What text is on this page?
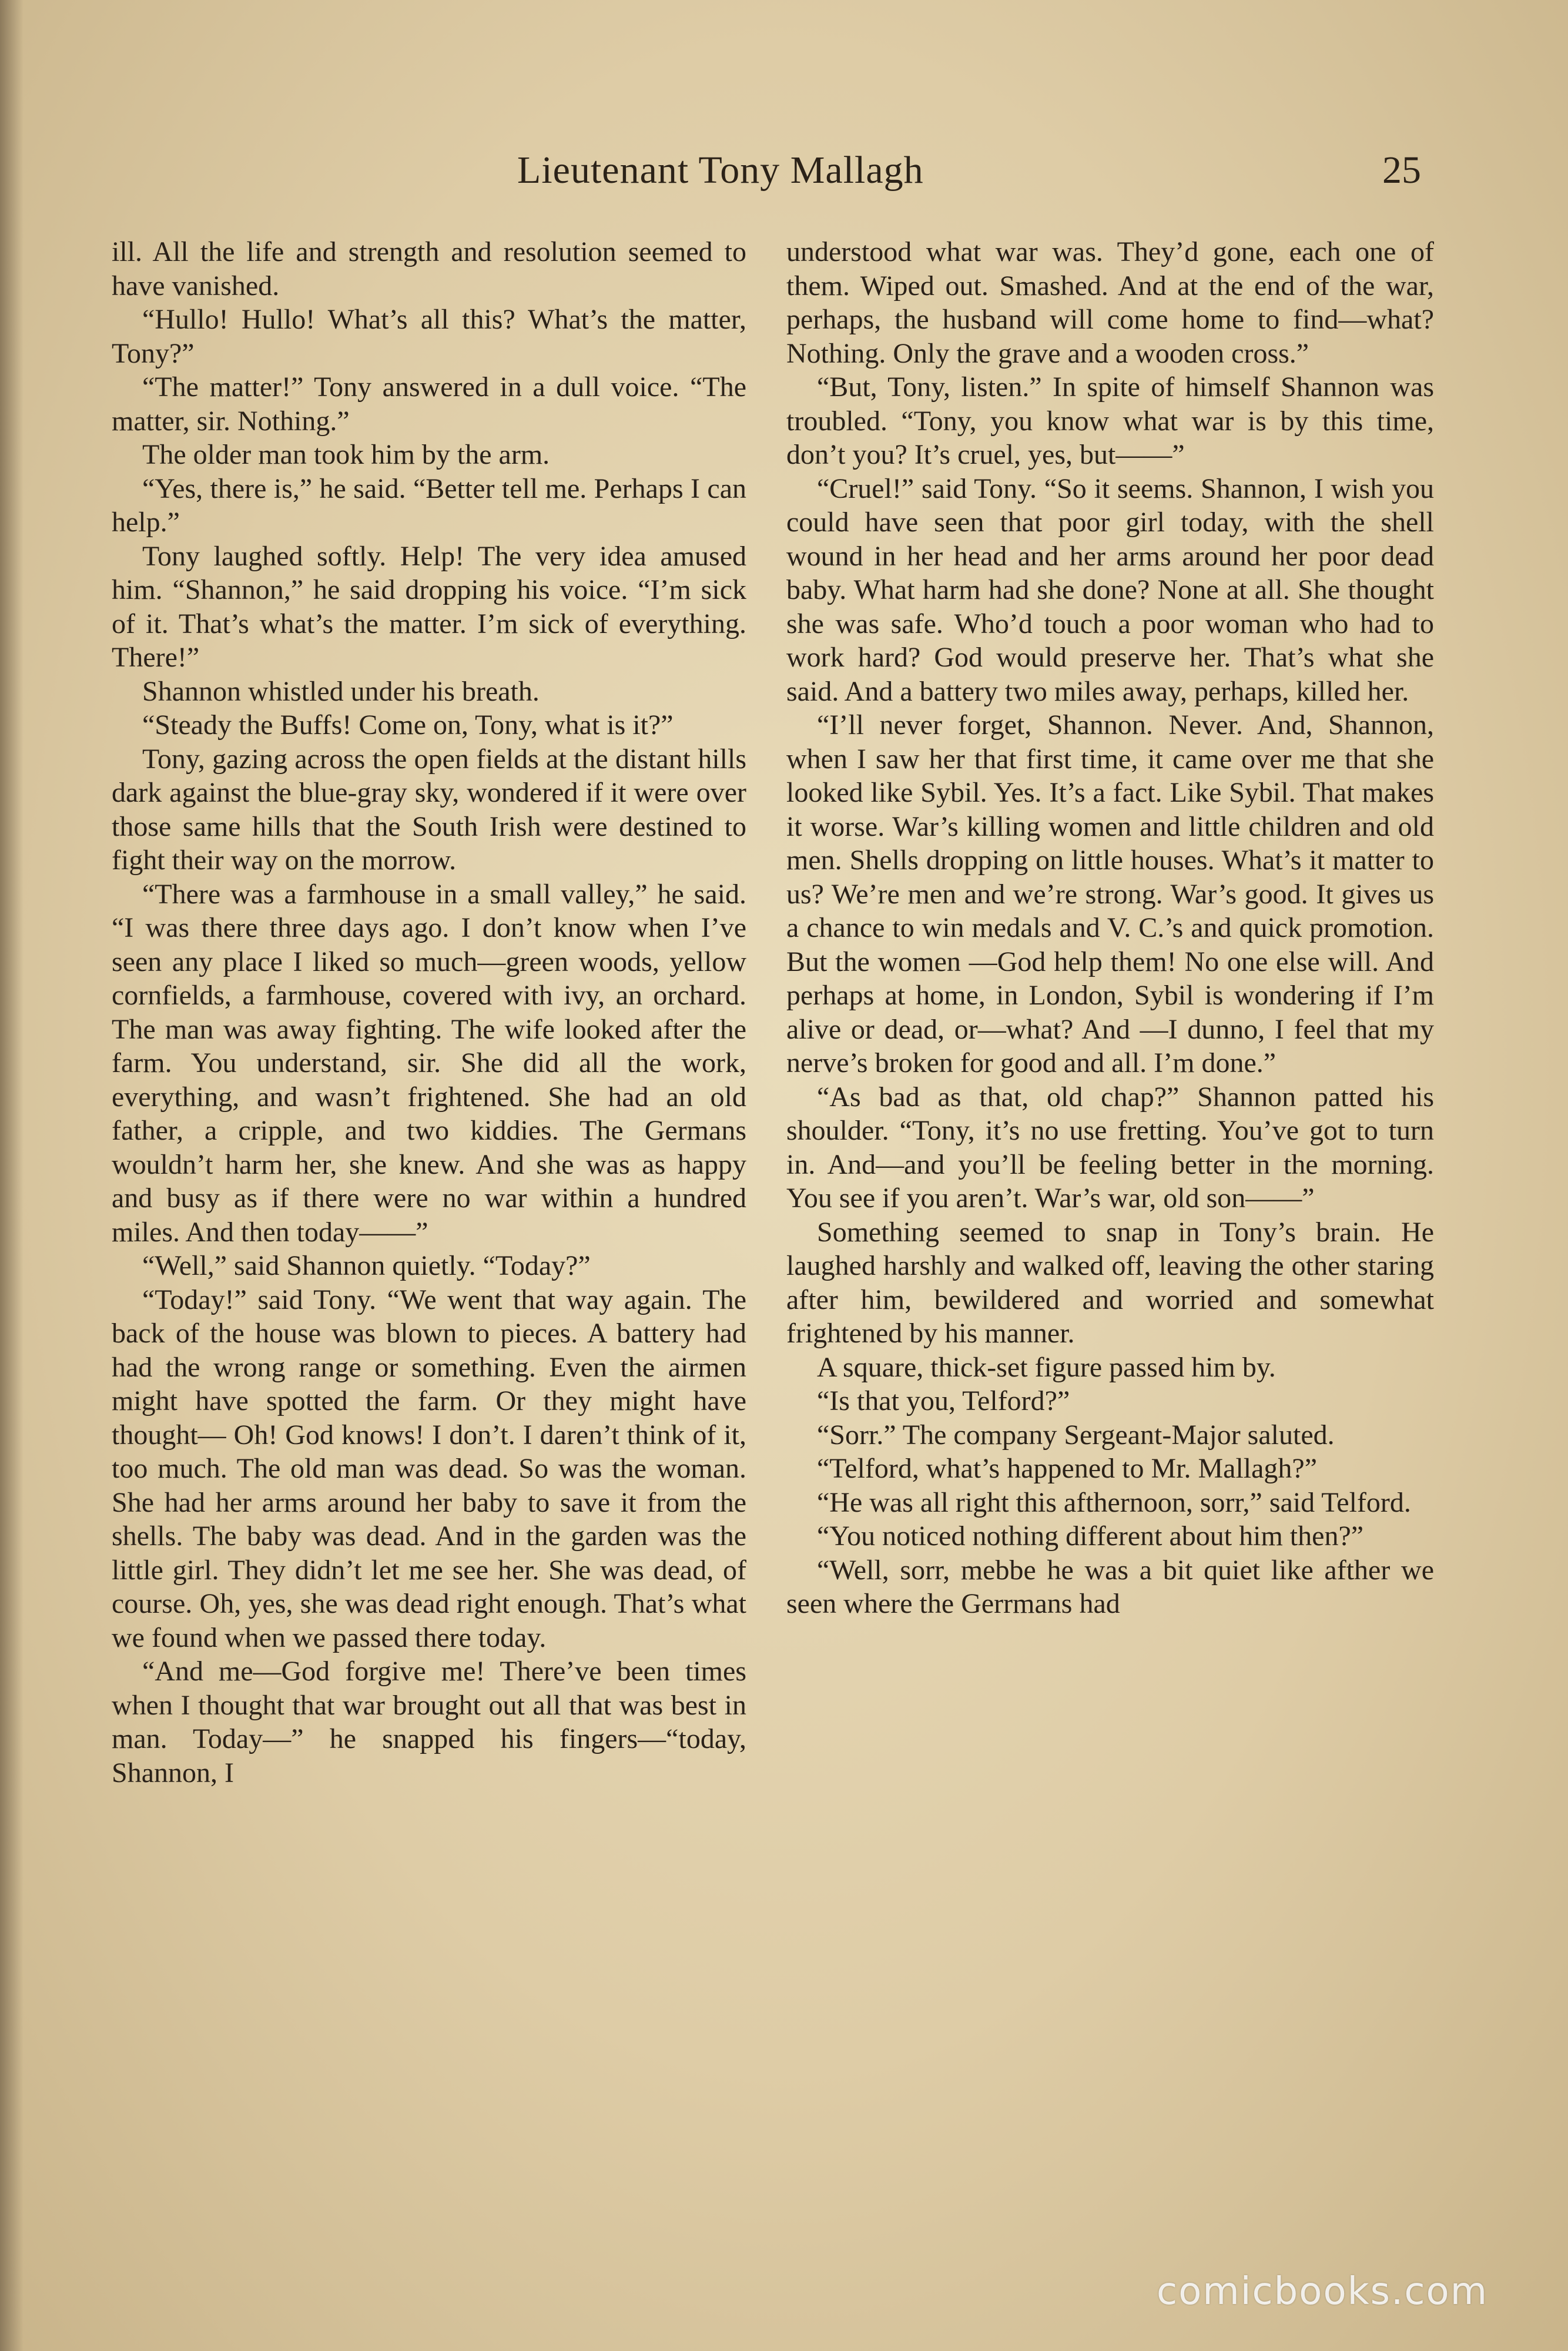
Lieutenant Tony Mallagh	25

ill. All the life and strength and resolution seemed to have vanished.

“Hullo! Hullo! What’s all this? What’s the matter, Tony?”

“The matter!” Tony answered in a dull voice. “The matter, sir. Nothing.”

The older man took him by the arm.

“Yes, there is,” he said. “Better tell me. Perhaps I can help.”

Tony laughed softly. Help! The very idea amused him. “Shannon,” he said dropping his voice. “I’m sick of it. That’s what’s the matter. I’m sick of everything. There!”

Shannon whistled under his breath.

“Steady the Buffs! Come on, Tony, what is it?”

Tony, gazing across the open fields at the distant hills dark against the blue-gray sky, wondered if it were over those same hills that the South Irish were destined to fight their way on the morrow.

“There was a farmhouse in a small valley,” he said. “I was there three days ago. I don’t know when I’ve seen any place I liked so much—green woods, yellow cornfields, a farmhouse, covered with ivy, an orchard. The man was away fighting. The wife looked after the farm. You understand, sir. She did all the work, everything, and wasn’t frightened. She had an old father, a cripple, and two kiddies. The Germans wouldn’t harm her, she knew. And she was as happy and busy as if there were no war within a hundred miles. And then today——”

“Well,” said Shannon quietly. “Today?”

“Today!” said Tony. “We went that way again. The back of the house was blown to pieces. A battery had had the wrong range or something. Even the airmen might have spotted the farm. Or they might have thought— Oh! God knows! I don’t. I daren’t think of it, too much. The old man was dead. So was the woman. She had her arms around her baby to save it from the shells. The baby was dead. And in the garden was the little girl. They didn’t let me see her. She was dead, of course. Oh, yes, she was dead right enough. That’s what we found when we passed there today.

“And me—God forgive me! There’ve been times when I thought that war brought out all that was best in man. Today—” he snapped his fingers—“today, Shannon, I

understood what war was. They’d gone, each one of them. Wiped out. Smashed. And at the end of the war, perhaps, the husband will come home to find—what? Nothing. Only the grave and a wooden cross.”

“But, Tony, listen.” In spite of himself Shannon was troubled. “Tony, you know what war is by this time, don’t you? It’s cruel, yes, but——”

“Cruel!” said Tony. “So it seems. Shannon, I wish you could have seen that poor girl today, with the shell wound in her head and her arms around her poor dead baby. What harm had she done? None at all. She thought she was safe. Who’d touch a poor woman who had to work hard? God would preserve her. That’s what she said. And a battery two miles away, perhaps, killed her.

“I’ll never forget, Shannon. Never. And, Shannon, when I saw her that first time, it came over me that she looked like Sybil. Yes. It’s a fact. Like Sybil. That makes it worse. War’s killing women and little children and old men. Shells dropping on little houses. What’s it matter to us? We’re men and we’re strong. War’s good. It gives us a chance to win medals and V. C.’s and quick promotion. But the women —God help them! No one else will. And perhaps at home, in London, Sybil is wondering if I’m alive or dead, or—what? And —I dunno, I feel that my nerve’s broken for good and all. I’m done.”

“As bad as that, old chap?” Shannon patted his shoulder. “Tony, it’s no use fretting. You’ve got to turn in. And—and you’ll be feeling better in the morning. You see if you aren’t. War’s war, old son——”

Something seemed to snap in Tony’s brain. He laughed harshly and walked off, leaving the other staring after him, bewildered and worried and somewhat frightened by his manner.

A square, thick-set figure passed him by.

“Is that you, Telford?”

“Sorr.” The company Sergeant-Major saluted.

“Telford, what’s happened to Mr. Mallagh?”

“He was all right this afthernoon, sorr,” said Telford.

“You noticed nothing different about him then?”

“Well, sorr, mebbe he was a bit quiet like afther we seen where the Gerrmans had

comicbooks.com
